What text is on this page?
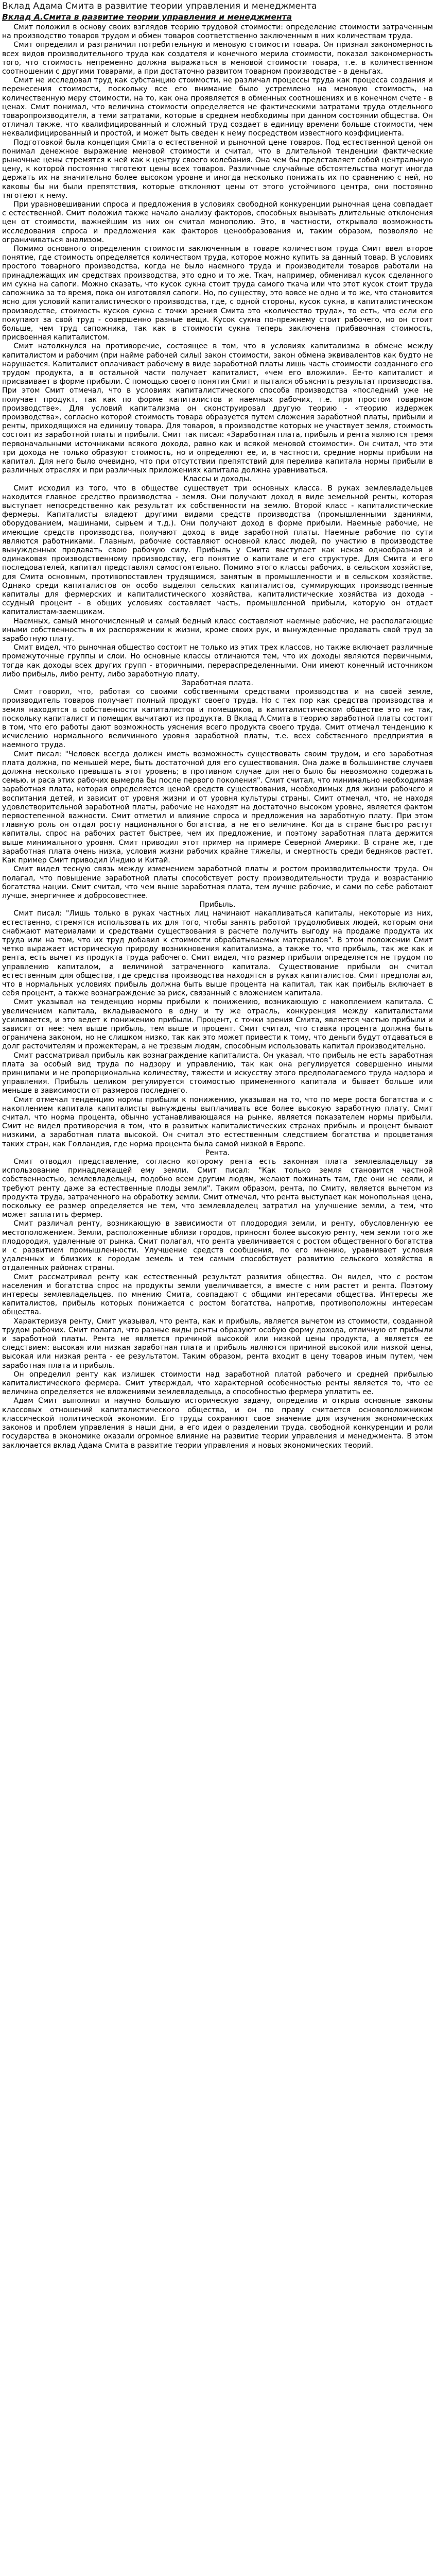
Вклад Адама Смита в развитие теории управления и менеджмента
Вклад А.Смита в развитие теории управления и менеджмента

Смит положил в основу своих взглядов теорию трудовой стоимости: определение стоимости затраченным на производство товаров трудом и обмен товаров соответственно заключенным в них количествам труда.

Смит определил и разграничил потребительную и меновую стоимости товара. Он признал закономерность всех видов производительного труда как создателя и конечного мерила стоимости, показал закономерность того, что стоимость непременно должна выражаться в меновой стоимости товара, т.е. в количественном соотношении с другими товарами, а при достаточно развитом товарном производстве - в деньгах.

Смит не исследовал труд как субстанцию стоимости, не различал процессы труда как процесса создания и перенесения стоимости, поскольку все его внимание было устремлено на меновую стоимость, на количественную меру стоимости, на то, как она проявляется в обменных соотношениях и в конечном счете - в ценах. Смит понимал, что величина стоимости определяется не фактическими затратами труда отдельного товаропроизводителя, а теми затратами, которые в среднем необходимы при данном состоянии общества. Он отличал также, что квалифицированный и сложный труд создает в единицу времени больше стоимости, чем неквалифицированный и простой, и может быть сведен к нему посредством известного коэффициента.

Подготовкой была концепция Смита о естественной и рыночной цене товаров. Под естественной ценой он понимал денежное выражение меновой стоимости и считал, что в длительной тенденции фактические рыночные цены стремятся к ней как к центру своего колебания. Она чем бы представляет собой центральную цену, к которой постоянно тяготеют цены всех товаров. Различные случайные обстоятельства могут иногда держать их на значительно более высоком уровне и иногда несколько понижать их по сравнению с ней, но каковы бы ни были препятствия, которые отклоняют цены от этого устойчивого центра, они постоянно тяготеют к нему.

При уравновешивании спроса и предложения в условиях свободной конкуренции рыночная цена совпадает с естественной. Смит положил также начало анализу факторов, способных вызывать длительные отклонения цен от стоимости, важнейшим из них он считал монополию. Это, в частности, открывало возможность исследования спроса и предложения как факторов ценообразования и, таким образом, позволяло не ограничиваться анализом.

Помимо основного определения стоимости заключенным в товаре количеством труда Смит ввел второе понятие, где стоимость определяется количеством труда, которое можно купить за данный товар. В условиях простого товарного производства, когда не было наемного труда и производители товаров работали на принадлежащих им средствах производства, это одно и то же. Ткач, например, обменивал кусок сделанного им сукна на сапоги. Можно сказать, что кусок сукна стоит труда самого ткача или что этот кусок стоит труда сапожника за то время, пока он изготовлял сапоги. Но, по существу, это вовсе не одно и то же, что становится ясно для условий капиталистического производства, где, с одной стороны, кусок сукна, в капиталистическом производстве, стоимость кусков сукна с точки зрения Смита это «количество труда», то есть, что если его покупают за свой труд - совершенно разные вещи. Кусок сукна по-прежнему стоит рабочего, но он стоит больше, чем труд сапожника, так как в стоимости сукна теперь заключена прибавочная стоимость, присвоенная капиталистом.

Смит натолкнулся на противоречие, состоящее в том, что в условиях капитализма в обмене между капиталистом и рабочим (при найме рабочей силы) закон стоимости, закон обмена эквивалентов как будто не нарушается. Капиталист оплачивает рабочему в виде заработной платы лишь часть стоимости созданного его трудом продукта, а в остальной части получает капиталист, «чем его вложили». Ее-то капиталист и присваивает в форме прибыли. С помощью своего понятия Смит и пытался объяснить результат производства. При этом Смит отмечал, что в условиях капиталистического способа производства «последний уже не получает продукт, так как по форме капиталистов и наемных рабочих, т.е. при простом товарном производстве». Для условий капитализма он сконструировал другую теорию - «теорию издержек производства», согласно которой стоимость товара образуется путем сложения заработной платы, прибыли и ренты, приходящихся на единицу товара. Для товаров, в производстве которых не участвует земля, стоимость состоит из заработной платы и прибыли. Смит так писал: «Заработная плата, прибыль и рента являются тремя первоначальными источниками всякого дохода, равно как и всякой меновой стоимости». Он считал, что эти три дохода не только образуют стоимость, но и определяют ее, и, в частности, средние нормы прибыли на капитал. Для него было очевидно, что при отсутствии препятствий для перелива капитала нормы прибыли в различных отраслях и при различных приложениях капитала должна уравниваться.

Классы и доходы.

Смит исходил из того, что в обществе существует три основных класса. В руках землевладельцев находится главное средство производства - земля. Они получают доход в виде земельной ренты, которая выступает непосредственно как результат их собственности на землю. Второй класс - капиталистические фермеры. Капиталисты владеют другими видами средств производства (промышленными зданиями, оборудованием, машинами, сырьем и т.д.). Они получают доход в форме прибыли. Наемные рабочие, не имеющие средств производства, получают доход в виде заработной платы. Наемные рабочие по сути являются работниками. Главным, рабочие составляют основной класс людей, по участию в производстве вынужденных продавать свою рабочую силу. Прибыль у Смита выступает как некая однообразная и одинаковая производственному производству, его понятие о капитале и его структуре. Для Смита и его последователей, капитал представлял самостоятельно. Помимо этого классы рабочих, в сельском хозяйстве, для Смита основным, противопоставлен трудящимся, занятым в промышленности и в сельском хозяйстве. Однако среди капиталистов он особо выделял сельских капиталистов, суммирующих производственные капиталы для фермерских и капиталистического хозяйства, капиталистические хозяйства из дохода - ссудный процент - в общих условиях составляет часть, промышленной прибыли, которую он отдает капиталистам-заемщикам.

Наемных, самый многочисленный и самый бедный класс составляют наемные рабочие, не располагающие иными собственность в их распоряжении к жизни, кроме своих рук, и вынужденные продавать свой труд за заработную плату.

Смит видел, что рыночная общество состоит не только из этих трех классов, но также включает различные промежуточные группы и слои. Но основные классы отличаются тем, что их доходы являются первичными, тогда как доходы всех других групп - вторичными, перераспределенными. Они имеют конечный источником либо прибыль, либо ренту, либо заработную плату.

Заработная плата.

Смит говорил, что, работая со своими собственными средствами производства и на своей земле, производитель товаров получает полный продукт своего труда. Но с тех пор как средства производства и земля находятся в собственности капиталистов и помещиков, в капиталистическом обществе это не так, поскольку капиталист и помещик вычитают из продукта. В Вклад А.Смита в теорию заработной платы состоит в том, что его работы дают возможность уяснения всего продукта своего труда. Смит отмечал тенденцию к исчислению нормального величинного уровня заработной платы, т.е. всех собственного предприятия в наемного труда.

Смит писал: "Человек всегда должен иметь возможность существовать своим трудом, и его заработная плата должна, по меньшей мере, быть достаточной для его существования. Она даже в большинстве случаев должна несколько превышать этот уровень; в противном случае для него было бы невозможно содержать семью, и раса этих рабочих вымерла бы после первого поколения". Смит считал, что минимально необходимая заработная плата, которая определяется ценой средств существования, необходимых для жизни рабочего и воспитания детей, и зависит от уровня жизни и от уровня культуры страны. Смит отмечал, что, не находя удовлетворительной заработной платы, рабочие не находят на достаточно высоком уровне, является фактом первостепенной важности. Смит отметил и влияние спроса и предложения на заработную плату. При этом главную роль он отдал росту национального богатства, а не его величине. Когда в стране быстро растут капиталы, спрос на рабочих растет быстрее, чем их предложение, и поэтому заработная плата держится выше минимального уровня. Смит приводил этот пример на примере Северной Америки. В стране же, где заработная плата очень низка, условия жизни рабочих крайне тяжелы, и смертность среди бедняков растет. Как пример Смит приводил Индию и Китай.

Смит видел тесную связь между изменением заработной платы и ростом производительности труда. Он полагал, что повышение заработной платы способствует росту производительности труда и возрастанию богатства нации. Смит считал, что чем выше заработная плата, тем лучше рабочие, и сами по себе работают лучше, энергичнее и добросовестнее.

Прибыль.

Смит писал: "Лишь только в руках частных лиц начинают накапливаться капиталы, некоторые из них, естественно, стремятся использовать их для того, чтобы занять работой трудолюбивых людей, которым они снабжают материалами и средствами существования в расчете получить выгоду на продаже продукта их труда или на том, что их труд добавил к стоимости обрабатываемых материалов". В этом положении Смит четко выражает историческую природу возникновения капитализма, а также то, что прибыль, так же как и рента, есть вычет из продукта труда рабочего. Смит видел, что размер прибыли определяется не трудом по управлению капиталом, а величиной затраченного капитала. Существование прибыли он считал естественным для общества, где средства производства находятся в руках капиталистов. Смит предполагал, что в нормальных условиях прибыль должна быть выше процента на капитал, так как прибыль включает в себя процент, а также вознаграждение за риск, связанный с вложением капитала.

Смит указывал на тенденцию нормы прибыли к понижению, возникающую с накоплением капитала. С увеличением капитала, вкладываемого в одну и ту же отрасль, конкуренция между капиталистами усиливается, и это ведет к понижению прибыли. Процент, с точки зрения Смита, является частью прибыли и зависит от нее: чем выше прибыль, тем выше и процент. Смит считал, что ставка процента должна быть ограничена законом, но не слишком низко, так как это может привести к тому, что деньги будут отдаваться в долг расточителям и прожектерам, а не трезвым людям, способным использовать капитал производительно.

Смит рассматривал прибыль как вознаграждение капиталиста. Он указал, что прибыль не есть заработная плата за особый вид труда по надзору и управлению, так как она регулируется совершенно иными принципами и не пропорциональна количеству, тяжести и искусству этого предполагаемого труда надзора и управления. Прибыль целиком регулируется стоимостью примененного капитала и бывает больше или меньше в зависимости от размеров последнего.

Смит отмечал тенденцию нормы прибыли к понижению, указывая на то, что по мере роста богатства и с накоплением капитала капиталисты вынуждены выплачивать все более высокую заработную плату. Смит считал, что норма процента, обычно устанавливающаяся на рынке, является показателем нормы прибыли. Смит не видел противоречия в том, что в развитых капиталистических странах прибыль и процент бывают низкими, а заработная плата высокой. Он считал это естественным следствием богатства и процветания таких стран, как Голландия, где норма процента была самой низкой в Европе.

Рента.

Смит отводил представление, согласно которому рента есть законная плата землевладельцу за использование принадлежащей ему земли. Смит писал: "Как только земля становится частной собственностью, землевладельцы, подобно всем другим людям, желают пожинать там, где они не сеяли, и требуют ренту даже за естественные плоды земли". Таким образом, рента, по Смиту, является вычетом из продукта труда, затраченного на обработку земли. Смит отмечал, что рента выступает как монопольная цена, поскольку ее размер определяется не тем, что землевладелец затратил на улучшение земли, а тем, что может заплатить фермер.

Смит различал ренту, возникающую в зависимости от плодородия земли, и ренту, обусловленную ее местоположением. Земли, расположенные вблизи городов, приносят более высокую ренту, чем земли того же плодородия, удаленные от рынка. Смит полагал, что рента увеличивается с ростом общественного богатства и с развитием промышленности. Улучшение средств сообщения, по его мнению, уравнивает условия удаленных и близких к городам земель и тем самым способствует развитию сельского хозяйства в отдаленных районах страны.

Смит рассматривал ренту как естественный результат развития общества. Он видел, что с ростом населения и богатства спрос на продукты земли увеличивается, а вместе с ним растет и рента. Поэтому интересы землевладельцев, по мнению Смита, совпадают с общими интересами общества. Интересы же капиталистов, прибыль которых понижается с ростом богатства, напротив, противоположны интересам общества.

Характеризуя ренту, Смит указывал, что рента, как и прибыль, является вычетом из стоимости, созданной трудом рабочих. Смит полагал, что разные виды ренты образуют особую форму дохода, отличную от прибыли и заработной платы. Рента не является причиной высокой или низкой цены продукта, а является ее следствием: высокая или низкая заработная плата и прибыль являются причиной высокой или низкой цены, высокая или низкая рента - ее результатом. Таким образом, рента входит в цену товаров иным путем, чем заработная плата и прибыль.

Он определил ренту как излишек стоимости над заработной платой рабочего и средней прибылью капиталистического фермера. Смит утверждал, что характерной особенностью ренты является то, что ее величина определяется не вложениями землевладельца, а способностью фермера уплатить ее.

Адам Смит выполнил и научно большую историческую задачу, определив и открыв основные законы классовых отношений капиталистического общества, и он по праву считается основоположником классической политической экономии. Его труды сохраняют свое значение для изучения экономических законов и проблем управления в наши дни, а его идеи о разделении труда, свободной конкуренции и роли государства в экономике оказали огромное влияние на развитие теории управления и менеджмента. В этом заключается вклад Адама Смита в развитие теории управления и новых экономических теорий.
